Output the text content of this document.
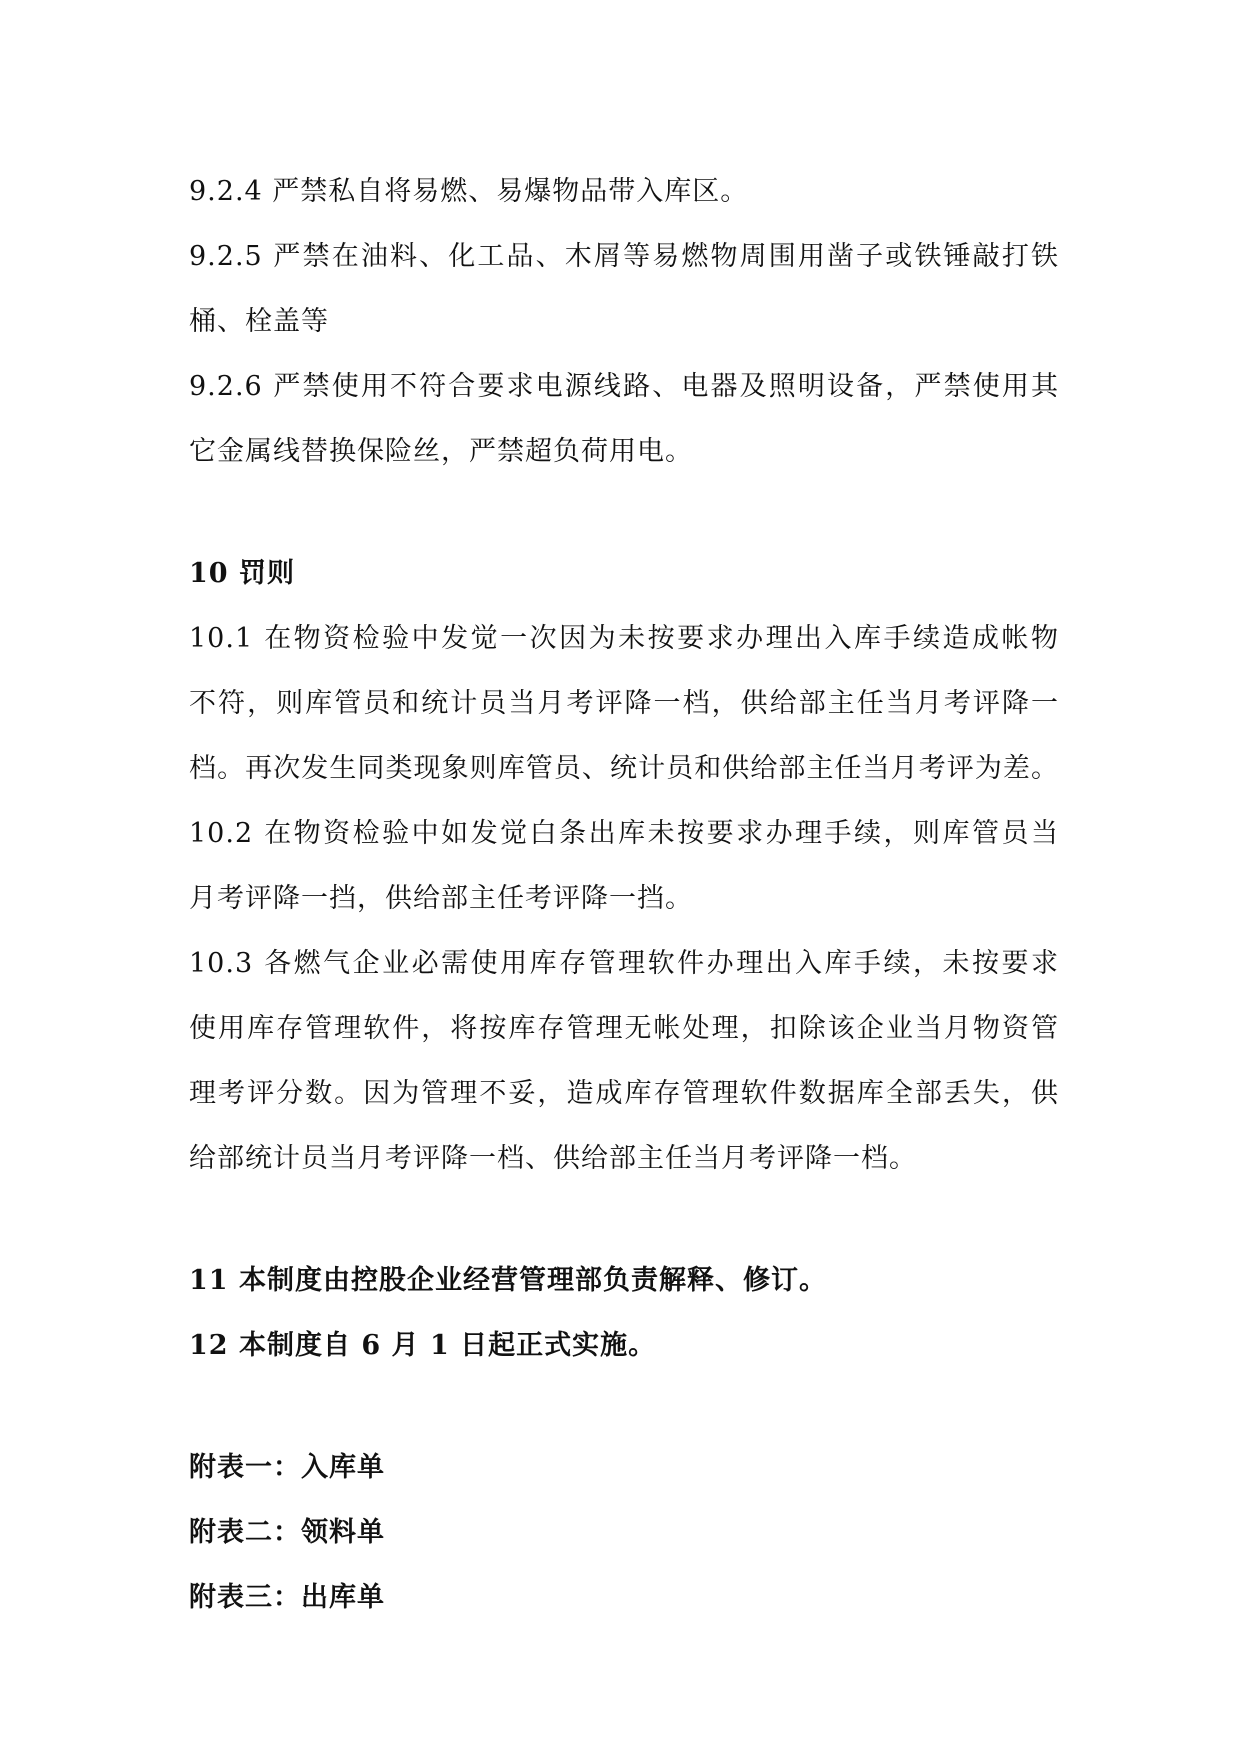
9.2.4 严禁私自将易燃、易爆物品带入库区。
9.2.5 严禁在油料、化工品、木屑等易燃物周围用凿子或铁锤敲打铁
桶、栓盖等
9.2.6 严禁使用不符合要求电源线路、电器及照明设备，严禁使用其
它金属线替换保险丝，严禁超负荷用电。
10 罚则
10.1 在物资检验中发觉一次因为未按要求办理出入库手续造成帐物
不符，则库管员和统计员当月考评降一档，供给部主任当月考评降一
档。再次发生同类现象则库管员、统计员和供给部主任当月考评为差。
10.2 在物资检验中如发觉白条出库未按要求办理手续，则库管员当
月考评降一挡，供给部主任考评降一挡。
10.3 各燃气企业必需使用库存管理软件办理出入库手续，未按要求
使用库存管理软件，将按库存管理无帐处理，扣除该企业当月物资管
理考评分数。因为管理不妥，造成库存管理软件数据库全部丢失，供
给部统计员当月考评降一档、供给部主任当月考评降一档。
11 本制度由控股企业经营管理部负责解释、修订。
12 本制度自 6 月 1 日起正式实施。
附表一：入库单
附表二：领料单
附表三：出库单
